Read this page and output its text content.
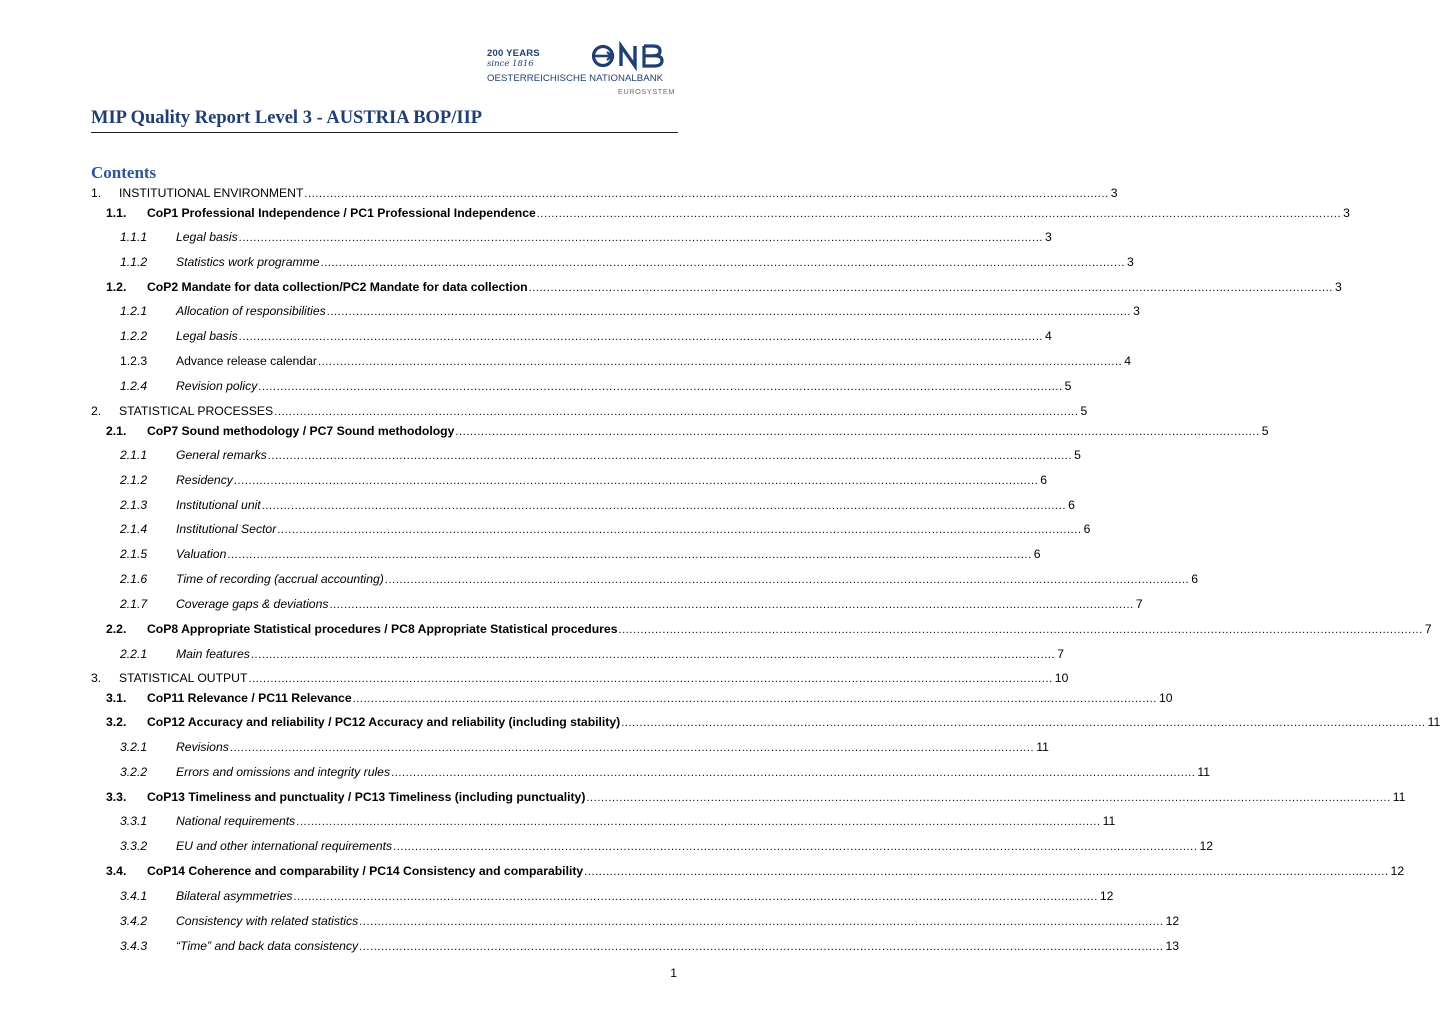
200 YEARS
since 1816
OESTERREICHISCHE NATIONALBANK
EUROSYSTEM
MIP Quality Report Level 3 - AUSTRIA BOP/IIP
Contents
1.	INSTITUTIONAL ENVIRONMENT ............................................................................................................................................................................................................................ 3
1.1.	CoP1 Professional Independence / PC1 Professional Independence ............................................................................................................................................................................................................................ 3
1.1.1	Legal basis ............................................................................................................................................................................................................................ 3
1.1.2	Statistics work programme ............................................................................................................................................................................................................................ 3
1.2.	CoP2 Mandate for data collection/PC2 Mandate for data collection ............................................................................................................................................................................................................................ 3
1.2.1	Allocation of responsibilities ............................................................................................................................................................................................................................ 3
1.2.2	Legal basis ............................................................................................................................................................................................................................ 4
1.2.3	Advance release calendar ............................................................................................................................................................................................................................ 4
1.2.4	Revision policy ............................................................................................................................................................................................................................ 5
2.	STATISTICAL PROCESSES ............................................................................................................................................................................................................................ 5
2.1.	CoP7 Sound methodology / PC7 Sound methodology ............................................................................................................................................................................................................................ 5
2.1.1	General remarks ............................................................................................................................................................................................................................ 5
2.1.2	Residency ............................................................................................................................................................................................................................ 6
2.1.3	Institutional unit ............................................................................................................................................................................................................................ 6
2.1.4	Institutional Sector ............................................................................................................................................................................................................................ 6
2.1.5	Valuation ............................................................................................................................................................................................................................ 6
2.1.6	Time of recording (accrual accounting) ............................................................................................................................................................................................................................ 6
2.1.7	Coverage gaps & deviations ............................................................................................................................................................................................................................ 7
2.2.	CoP8 Appropriate Statistical procedures / PC8 Appropriate Statistical procedures ............................................................................................................................................................................................................................ 7
2.2.1	Main features ............................................................................................................................................................................................................................ 7
3.	STATISTICAL OUTPUT ............................................................................................................................................................................................................................ 10
3.1.	CoP11 Relevance / PC11 Relevance ............................................................................................................................................................................................................................ 10
3.2.	CoP12 Accuracy and reliability / PC12 Accuracy and reliability (including stability) ............................................................................................................................................................................................................................ 11
3.2.1	Revisions ............................................................................................................................................................................................................................ 11
3.2.2	Errors and omissions and integrity rules ............................................................................................................................................................................................................................ 11
3.3.	CoP13 Timeliness and punctuality / PC13 Timeliness (including punctuality) ............................................................................................................................................................................................................................ 11
3.3.1	National requirements ............................................................................................................................................................................................................................ 11
3.3.2	EU and other international requirements ............................................................................................................................................................................................................................ 12
3.4.	CoP14 Coherence and comparability / PC14 Consistency and comparability ............................................................................................................................................................................................................................ 12
3.4.1	Bilateral asymmetries ............................................................................................................................................................................................................................ 12
3.4.2	Consistency with related statistics ............................................................................................................................................................................................................................ 12
3.4.3	“Time” and back data consistency ............................................................................................................................................................................................................................ 13
1
